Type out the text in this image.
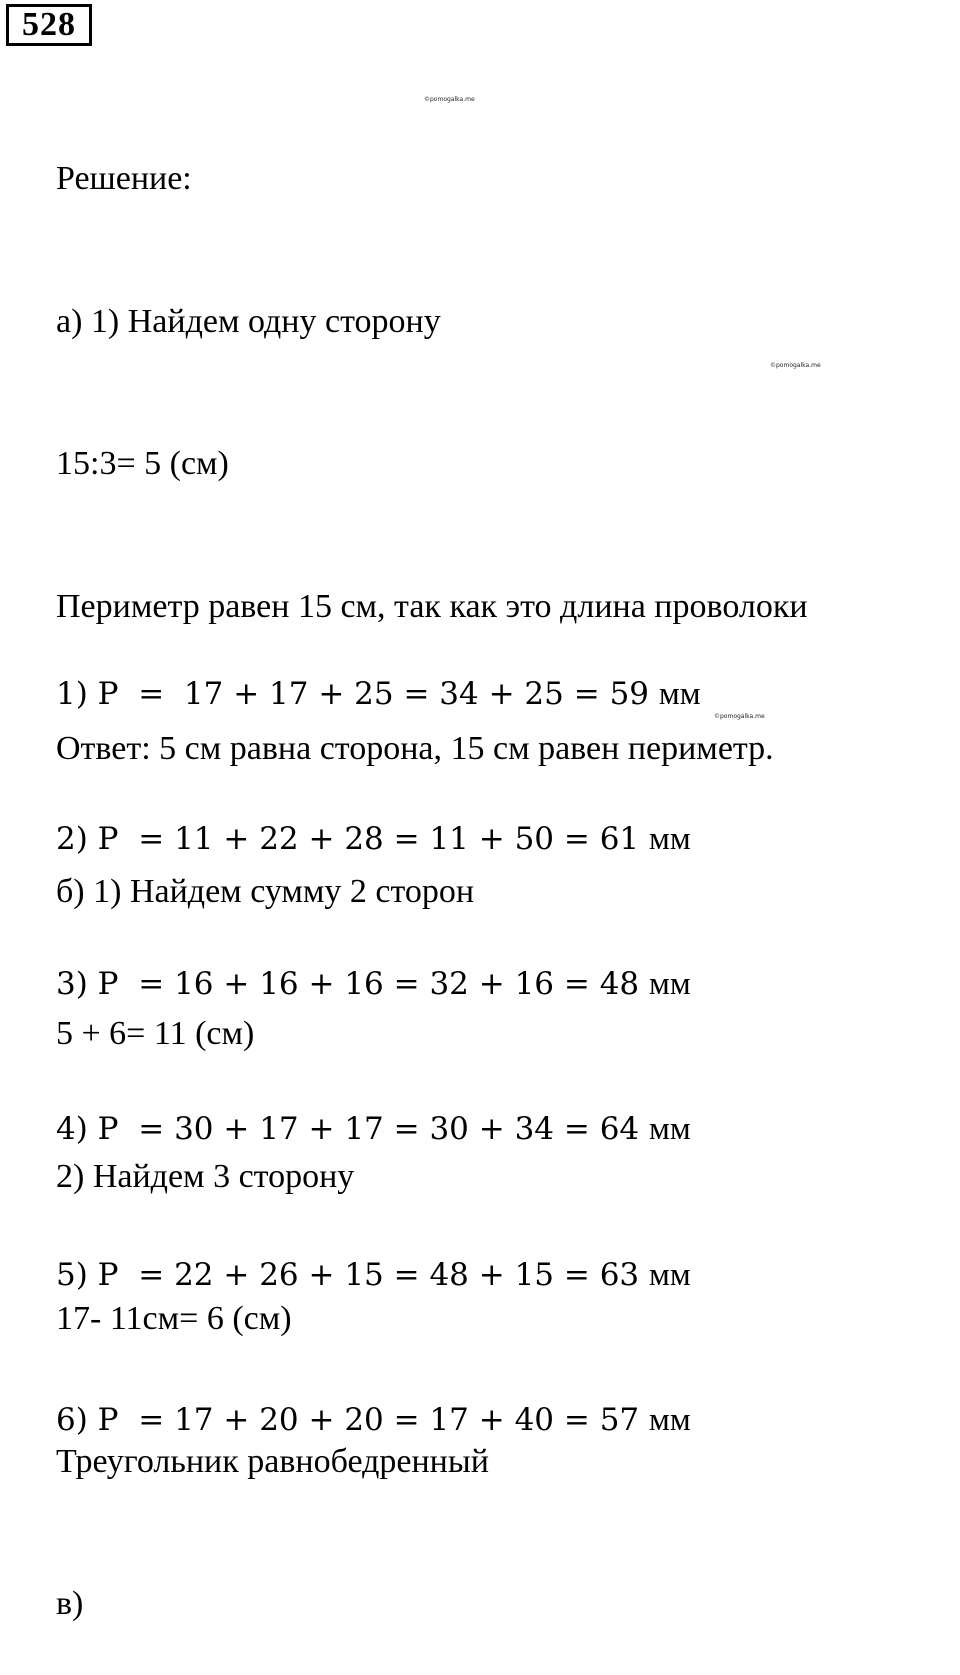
528
©pomogalka.me
©pomogalka.me
©pomogalka.me

Решение:

а) 1) Найдем одну сторону

15:3= 5 (см)

Периметр равен 15 см, так как это длина проволоки

Ответ: 5 см равна сторона, 15 см равен периметр.

б) 1) Найдем сумму 2 сторон

5 + 6= 11 (см)

2) Найдем 3 сторону

17- 11см= 6 (см)

Треугольник равнобедренный

в)

1) P  =  17 + 17 + 25 = 34 + 25 = 59 мм

2) P  = 11 + 22 + 28 = 11 + 50 = 61 мм

3) P  = 16 + 16 + 16 = 32 + 16 = 48 мм

4) P  = 30 + 17 + 17 = 30 + 34 = 64 мм

5) P  = 22 + 26 + 15 = 48 + 15 = 63 мм

6) P  = 17 + 20 + 20 = 17 + 40 = 57 мм
